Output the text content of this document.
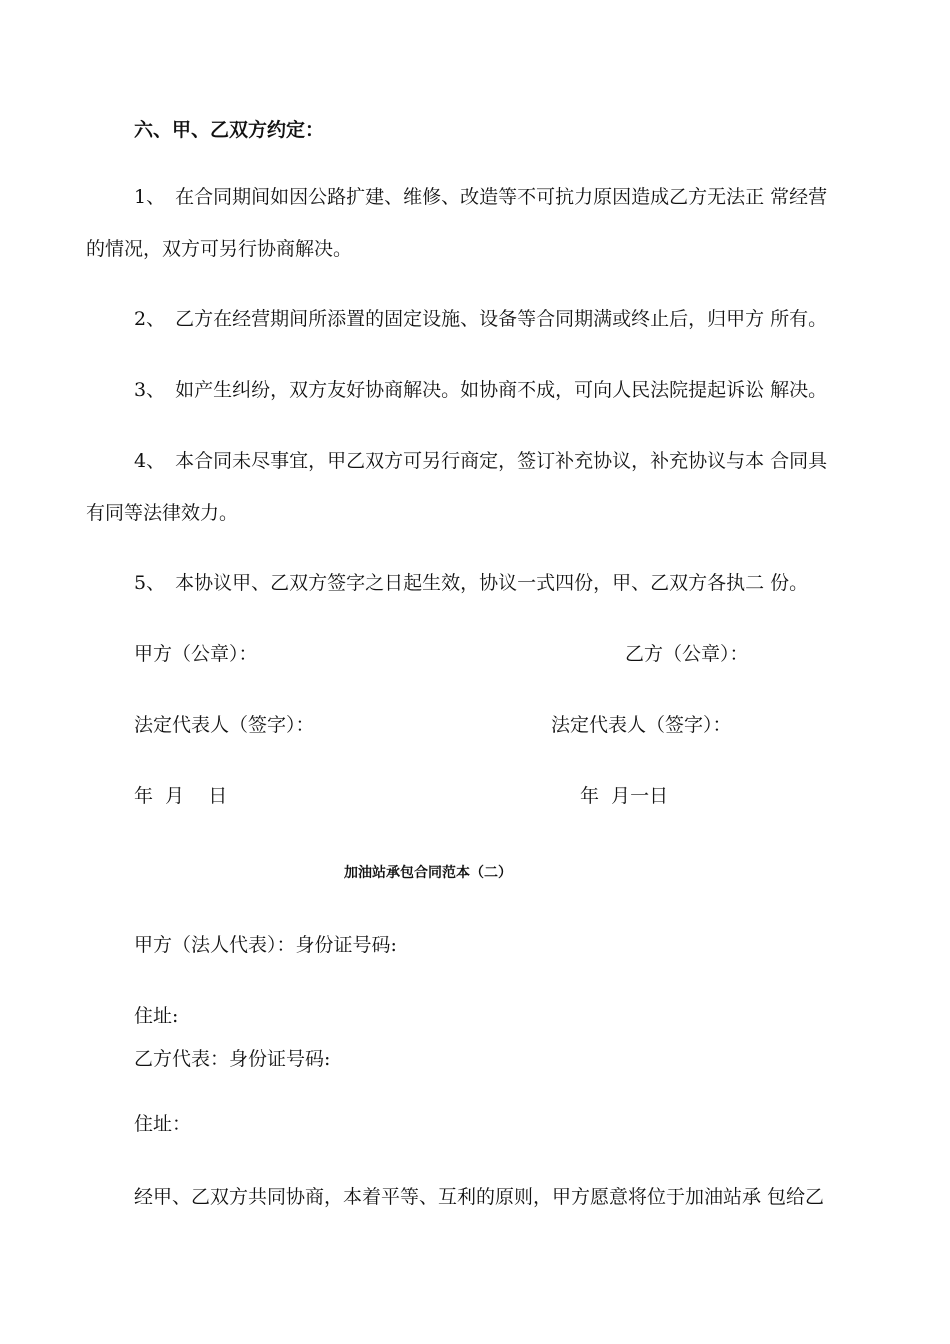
六、甲、乙双方约定：
1、 在合同期间如因公路扩建、维修、改造等不可抗力原因造成乙方无法正 常经营
的情况，双方可另行协商解决。
2、 乙方在经营期间所添置的固定设施、设备等合同期满或终止后，归甲方 所有。
3、 如产生纠纷，双方友好协商解决。如协商不成，可向人民法院提起诉讼 解决。
4、 本合同未尽事宜，甲乙双方可另行商定，签订补充协议，补充协议与本 合同具
有同等法律效力。
5、 本协议甲、乙双方签字之日起生效，协议一式四份，甲、乙双方各执二 份。
甲方（公章）：	乙方（公章）：
法定代表人（签字）：	法定代表人（签字）：
年  月    日	年  月一日
加油站承包合同范本（二）
甲方（法人代表）：身份证号码:
住址:
乙方代表：身份证号码:
住址：
经甲、乙双方共同协商，本着平等、互利的原则，甲方愿意将位于加油站承 包给乙
